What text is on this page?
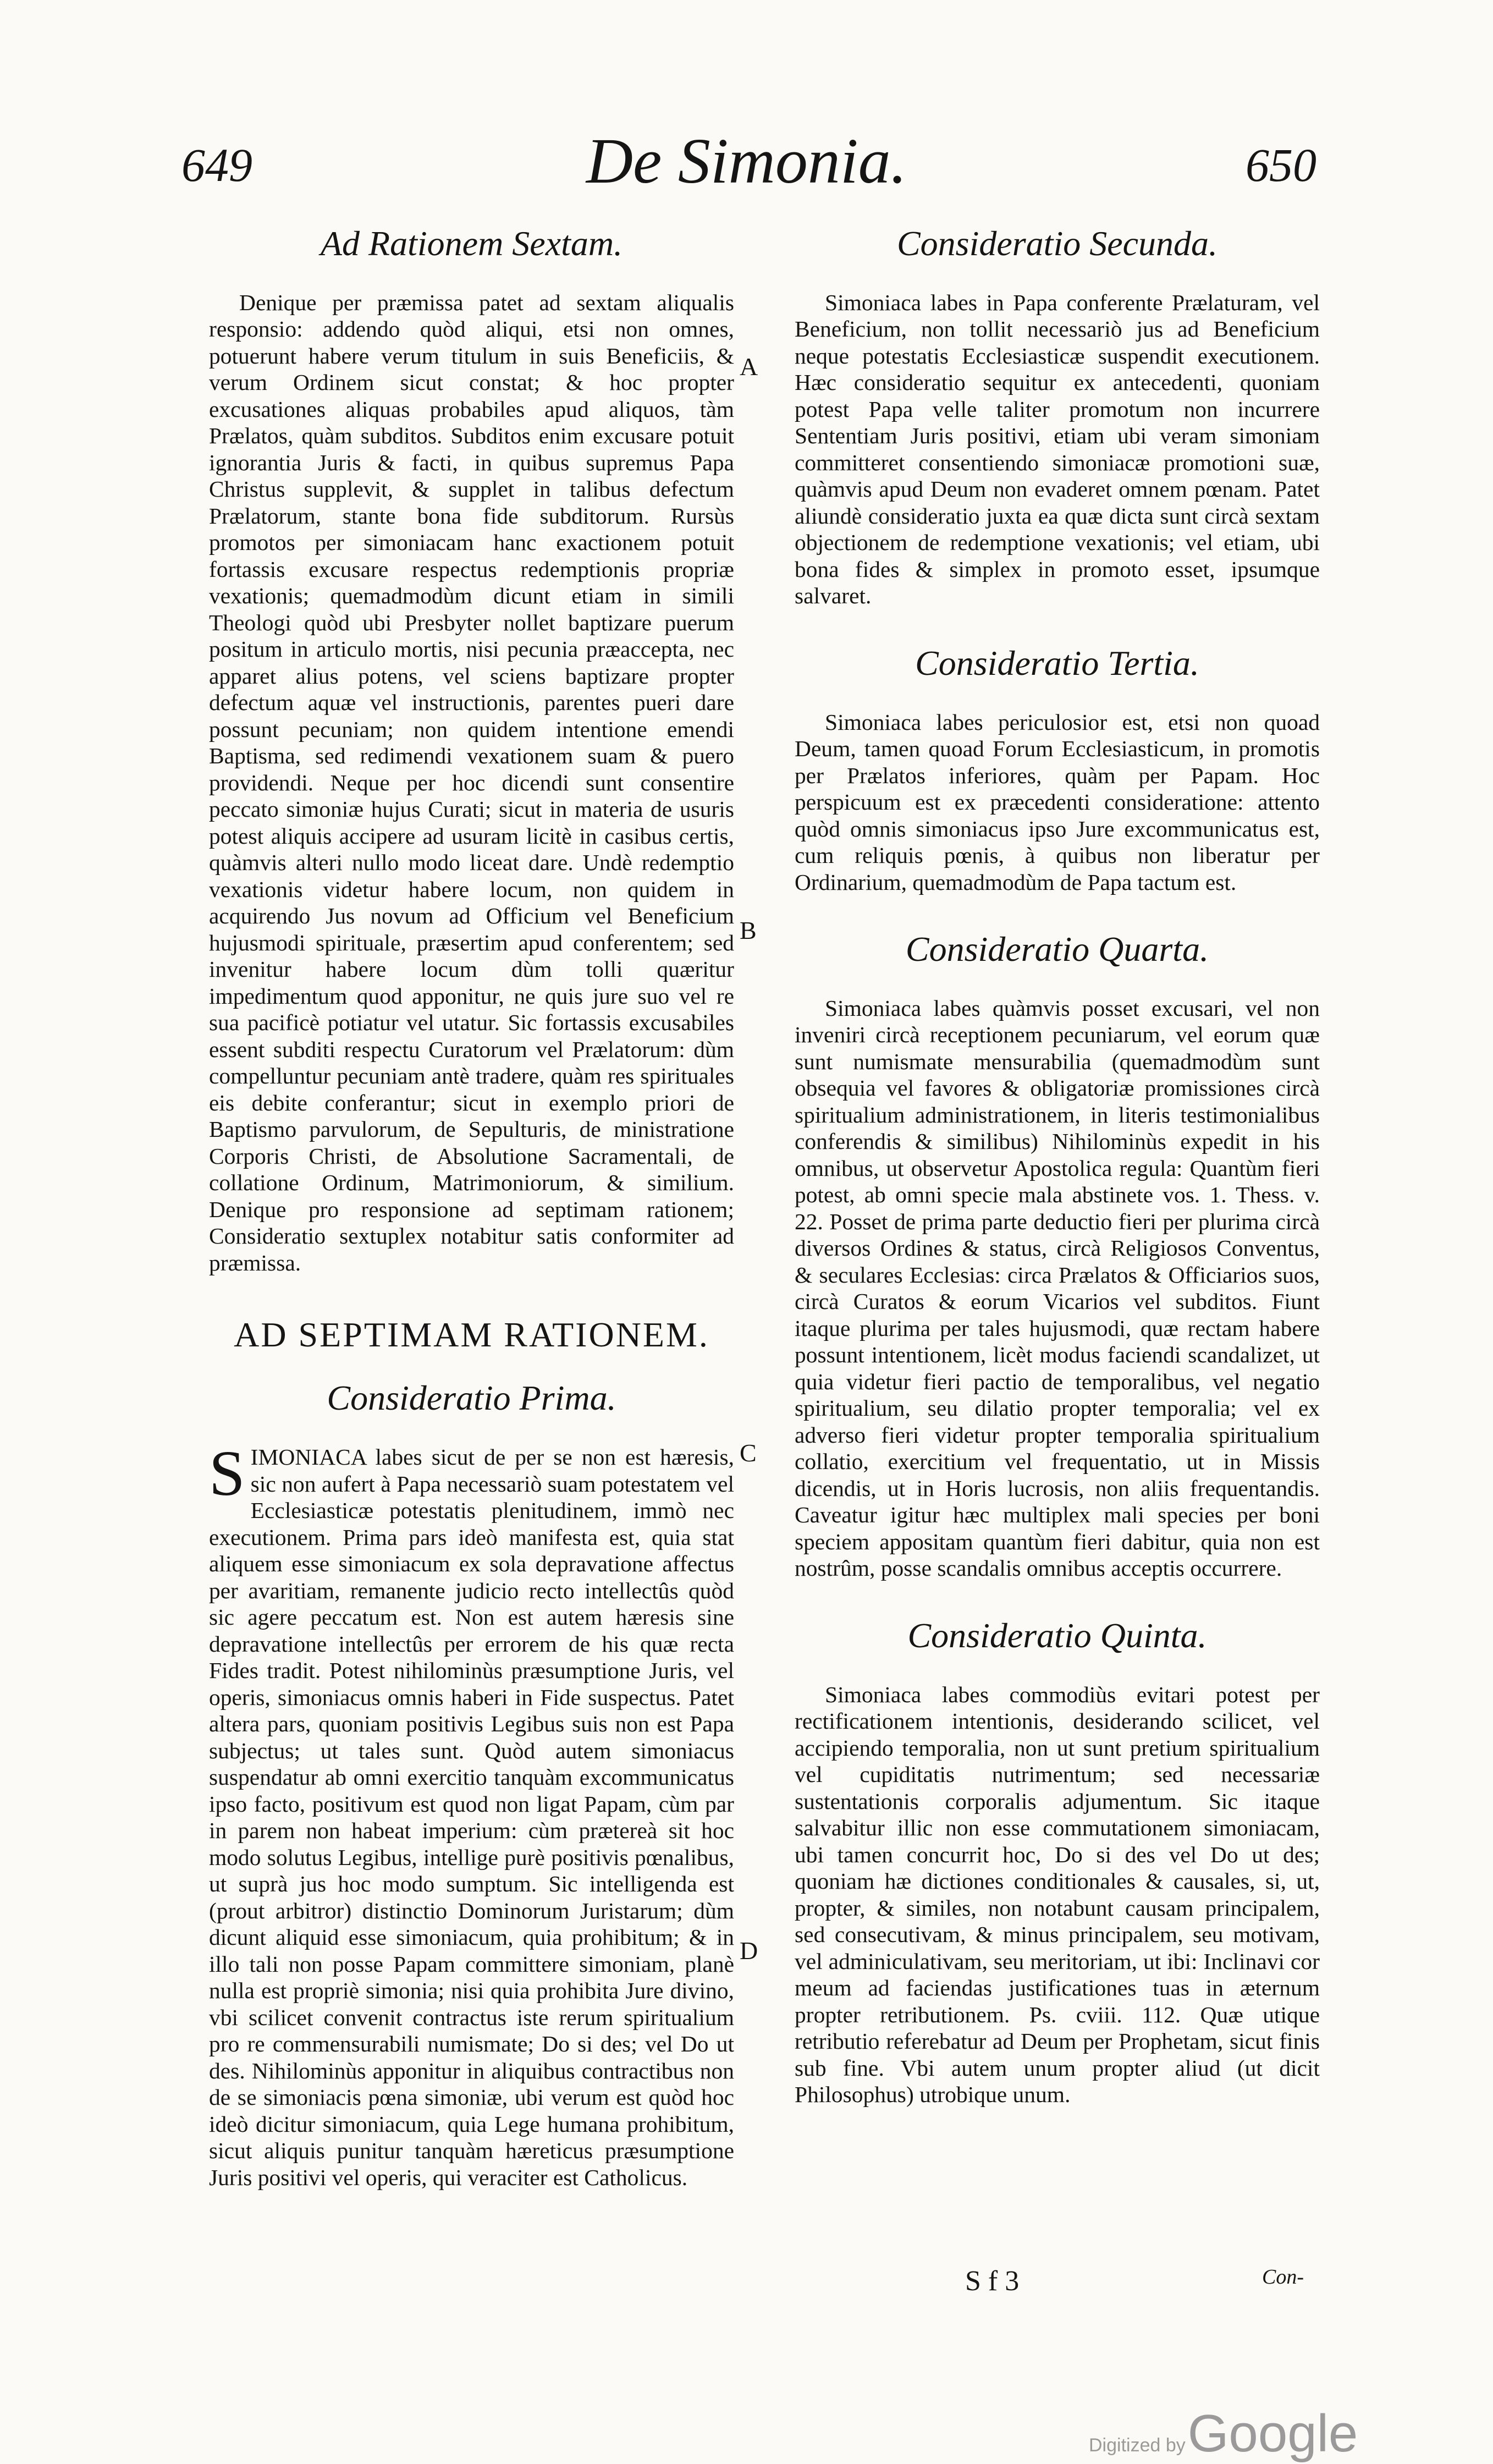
649	De Simonia.	650
Ad Rationem Sextam.

Denique per præmissa patet ad sextam aliqualis responsio: addendo quòd aliqui, etsi non omnes, potuerunt habere verum titulum in suis Beneficiis, & verum Ordinem sicut constat; & hoc propter excusationes aliquas probabiles apud aliquos, tàm Prælatos, quàm subditos. Subditos enim excusare potuit ignorantia Juris & facti, in quibus supremus Papa Christus supplevit, & supplet in talibus defectum Prælatorum, stante bona fide subditorum. Rursùs promotos per simoniacam hanc exactionem potuit fortassis excusare respectus redemptionis propriæ vexationis; quemadmodùm dicunt etiam in simili Theologi quòd ubi Presbyter nollet baptizare puerum positum in articulo mortis, nisi pecunia præaccepta, nec apparet alius potens, vel sciens baptizare propter defectum aquæ vel instructionis, parentes pueri dare possunt pecuniam; non quidem intentione emendi Baptisma, sed redimendi vexationem suam & puero providendi. Neque per hoc dicendi sunt consentire peccato simoniæ hujus Curati; sicut in materia de usuris potest aliquis accipere ad usuram licitè in casibus certis, quàmvis alteri nullo modo liceat dare. Undè redemptio vexationis videtur habere locum, non quidem in acquirendo Jus novum ad Officium vel Beneficium hujusmodi spirituale, præsertim apud conferentem; sed invenitur habere locum dùm tolli quæritur impedimentum quod apponitur, ne quis jure suo vel re sua pacificè potiatur vel utatur. Sic fortassis excusabiles essent subditi respectu Curatorum vel Prælatorum: dùm compelluntur pecuniam antè tradere, quàm res spirituales eis debite conferantur; sicut in exemplo priori de Baptismo parvulorum, de Sepulturis, de ministratione Corporis Christi, de Absolutione Sacramentali, de collatione Ordinum, Matrimoniorum, & similium. Denique pro responsione ad septimam rationem; Consideratio sextuplex notabitur satis conformiter ad præmissa.

AD SEPTIMAM RATIONEM.
Consideratio Prima.
S IMONIACA labes sicut de per se non est hæresis, sic non aufert à Papa necessariò suam potestatem vel Ecclesiasticæ potestatis plenitudinem, immò nec executionem. Prima pars ideò manifesta est, quia stat aliquem esse simoniacum ex sola depravatione affectus per avaritiam, remanente judicio recto intellectûs quòd sic agere peccatum est. Non est autem hæresis sine depravatione intellectûs per errorem de his quæ recta Fides tradit. Potest nihilominùs præsumptione Juris, vel operis, simoniacus omnis haberi in Fide suspectus. Patet altera pars, quoniam positivis Legibus suis non est Papa subjectus; ut tales sunt. Quòd autem simoniacus suspendatur ab omni exercitio tanquàm excommunicatus ipso facto, positivum est quod non ligat Papam, cùm par in parem non habeat imperium: cùm prætereà sit hoc modo solutus Legibus, intellige purè positivis pœnalibus, ut suprà jus hoc modo sumptum. Sic intelligenda est (prout arbitror) distinctio Dominorum Juristarum; dùm dicunt aliquid esse simoniacum, quia prohibitum; & in illo tali non posse Papam committere simoniam, planè nulla est propriè simonia; nisi quia prohibita Jure divino, vbi scilicet convenit contractus iste rerum spiritualium pro re commensurabili numismate; Do si des; vel Do ut des. Nihilominùs apponitur in aliquibus contractibus non de se simoniacis pœna simoniæ, ubi verum est quòd hoc ideò dicitur simoniacum, quia Lege humana prohibitum, sicut aliquis punitur tanquàm hæreticus præsumptione Juris positivi vel operis, qui veraciter est Catholicus.

Consideratio Secunda.

Simoniaca labes in Papa conferente Prælaturam, vel Beneficium, non tollit necessariò jus ad Beneficium neque potestatis Ecclesiasticæ suspendit executionem. Hæc consideratio sequitur ex antecedenti, quoniam potest Papa velle taliter promotum non incurrere Sententiam Juris positivi, etiam ubi veram simoniam committeret consentiendo simoniacæ promotioni suæ, quàmvis apud Deum non evaderet omnem pœnam. Patet aliundè consideratio juxta ea quæ dicta sunt circà sextam objectionem de redemptione vexationis; vel etiam, ubi bona fides & simplex in promoto esset, ipsumque salvaret.

Consideratio Tertia.

Simoniaca labes periculosior est, etsi non quoad Deum, tamen quoad Forum Ecclesiasticum, in promotis per Prælatos inferiores, quàm per Papam. Hoc perspicuum est ex præcedenti consideratione: attento quòd omnis simoniacus ipso Jure excommunicatus est, cum reliquis pœnis, à quibus non liberatur per Ordinarium, quemadmodùm de Papa tactum est.

Consideratio Quarta.

Simoniaca labes quàmvis posset excusari, vel non inveniri circà receptionem pecuniarum, vel eorum quæ sunt numismate mensurabilia (quemadmodùm sunt obsequia vel favores & obligatoriæ promissiones circà spiritualium administrationem, in literis testimonialibus conferendis & similibus) Nihilominùs expedit in his omnibus, ut observetur Apostolica regula: Quantùm fieri potest, ab omni specie mala abstinete vos. 1. Thess. v. 22. Posset de prima parte deductio fieri per plurima circà diversos Ordines & status, circà Religiosos Conventus, & seculares Ecclesias: circa Prælatos & Officiarios suos, circà Curatos & eorum Vicarios vel subditos. Fiunt itaque plurima per tales hujusmodi, quæ rectam habere possunt intentionem, licèt modus faciendi scandalizet, ut quia videtur fieri pactio de temporalibus, vel negatio spiritualium, seu dilatio propter temporalia; vel ex adverso fieri videtur propter temporalia spiritualium collatio, exercitium vel frequentatio, ut in Missis dicendis, ut in Horis lucrosis, non aliis frequentandis. Caveatur igitur hæc multiplex mali species per boni speciem appositam quantùm fieri dabitur, quia non est nostrûm, posse scandalis omnibus acceptis occurrere.

Consideratio Quinta.

Simoniaca labes commodiùs evitari potest per rectificationem intentionis, desiderando scilicet, vel accipiendo temporalia, non ut sunt pretium spiritualium vel cupiditatis nutrimentum; sed necessariæ sustentationis corporalis adjumentum. Sic itaque salvabitur illic non esse commutationem simoniacam, ubi tamen concurrit hoc, Do si des vel Do ut des; quoniam hæ dictiones conditionales & causales, si, ut, propter, & similes, non notabunt causam principalem, sed consecutivam, & minus principalem, seu motivam, vel adminiculativam, seu meritoriam, ut ibi: Inclinavi cor meum ad faciendas justificationes tuas in æternum propter retributionem. Ps. cviii. 112. Quæ utique retributio referebatur ad Deum per Prophetam, sicut finis sub fine. Vbi autem unum propter aliud (ut dicit Philosophus) utrobique unum.

A
B
C
D
S f 3	Con-
Digitized by Google
